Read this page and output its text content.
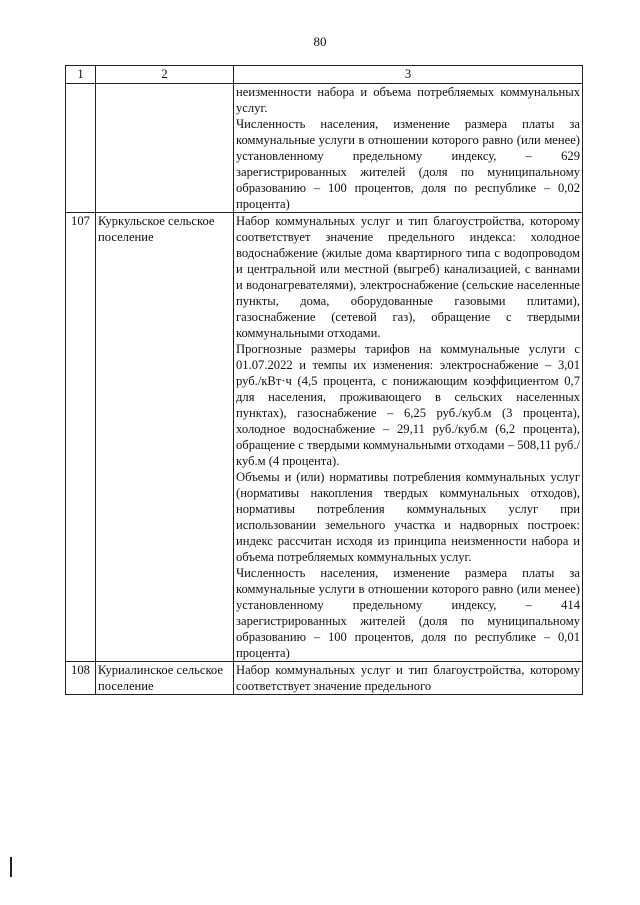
80
1	2	3

		неизменности набора и объема потребляемых коммунальных услуг.

Численность населения, изменение размера платы за коммунальные услуги в отношении которого равно (или менее) установленному предельному индексу, – 629 зарегистрированных жителей (доля по муниципальному образованию – 100 процентов, доля по республике – 0,02 процента)

107	Куркульское сельское поселение	Набор коммунальных услуг и тип благоустройства, которому соответствует значение предельного индекса: холодное водоснабжение (жилые дома квартирного типа с водопроводом и центральной или местной (выгреб) канализацией, с ваннами и водонагревателями), электроснабжение (сельские населенные пункты, дома, оборудованные газовыми плитами), газоснабжение (сетевой газ), обращение с твердыми коммунальными отходами.

Прогнозные размеры тарифов на коммунальные услуги с 01.07.2022 и темпы их изменения: электроснабжение – 3,01 руб./кВт·ч (4,5 процента, с понижающим коэффициентом 0,7 для населения, проживающего в сельских населенных пунктах), газоснабжение – 6,25 руб./куб.м (3 процента), холодное водоснабжение – 29,11 руб./куб.м (6,2 процента), обращение с твердыми коммунальными отходами – 508,11 руб./куб.м (4 процента).

Объемы и (или) нормативы потребления коммунальных услуг (нормативы накопления твердых коммунальных отходов), нормативы потребления коммунальных услуг при использовании земельного участка и надворных построек: индекс рассчитан исходя из принципа неизменности набора и объема потребляемых коммунальных услуг.

Численность населения, изменение размера платы за коммунальные услуги в отношении которого равно (или менее) установленному предельному индексу, – 414 зарегистрированных жителей (доля по муниципальному образованию – 100 процентов, доля по республике – 0,01 процента)

108	Куриалинское сельское поселение	Набор коммунальных услуг и тип благоустройства, которому соответствует значение предельного
